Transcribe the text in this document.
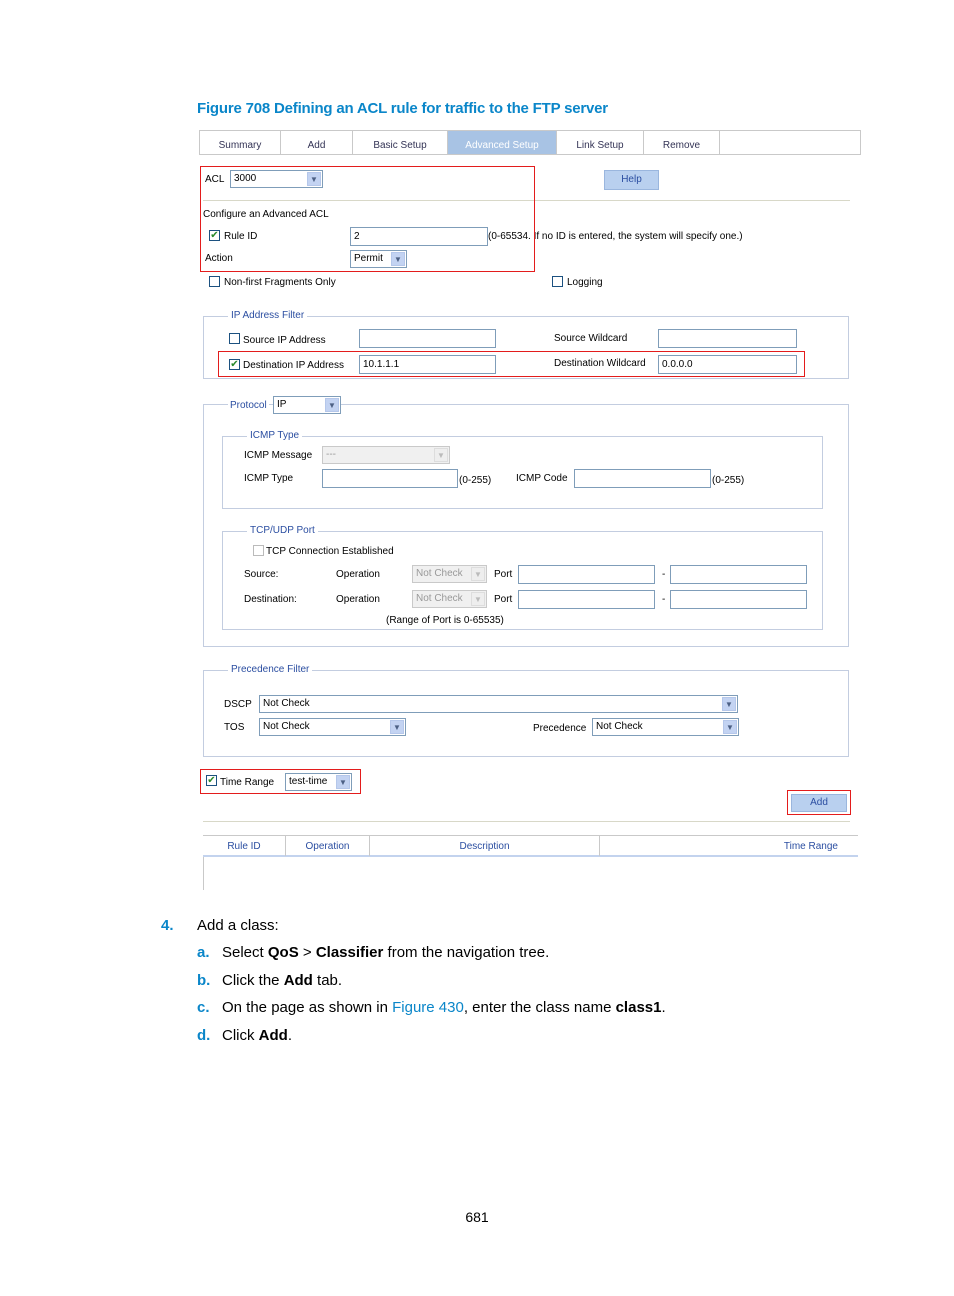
Figure 708 Defining an ACL rule for traffic to the FTP server
Summary	Add	Basic Setup	Advanced Setup	Link Setup	Remove
ACL 3000	▼	Help
Configure an Advanced ACL
✔ Rule ID	2	(0-65534. If no ID is entered, the system will specify one.)
Action	Permit	▼
Non-first Fragments Only	Logging
IP Address Filter
Source IP Address	Source Wildcard
✔ Destination IP Address	10.1.1.1	Destination Wildcard	0.0.0.0
Protocol	IP	▼
ICMP Type
ICMP Message	---	▼
ICMP Type	(0-255) ICMP Code	(0-255)
TCP/UDP Port
TCP Connection Established
Source:	Operation	Not Check	▼	Port	-
Destination:	Operation	Not Check	▼	Port	-
(Range of Port is 0-65535)
Precedence Filter
DSCP	Not Check	▼
TOS	Not Check	▼	Precedence Not Check	▼
✔ Time Range	test-time	▼
Add
Rule ID	Operation	Description	Time Range
4. Add a class:
a. Select QoS > Classifier from the navigation tree.
b. Click the Add tab.
c. On the page as shown in Figure 430, enter the class name class1.
d. Click Add.
681
